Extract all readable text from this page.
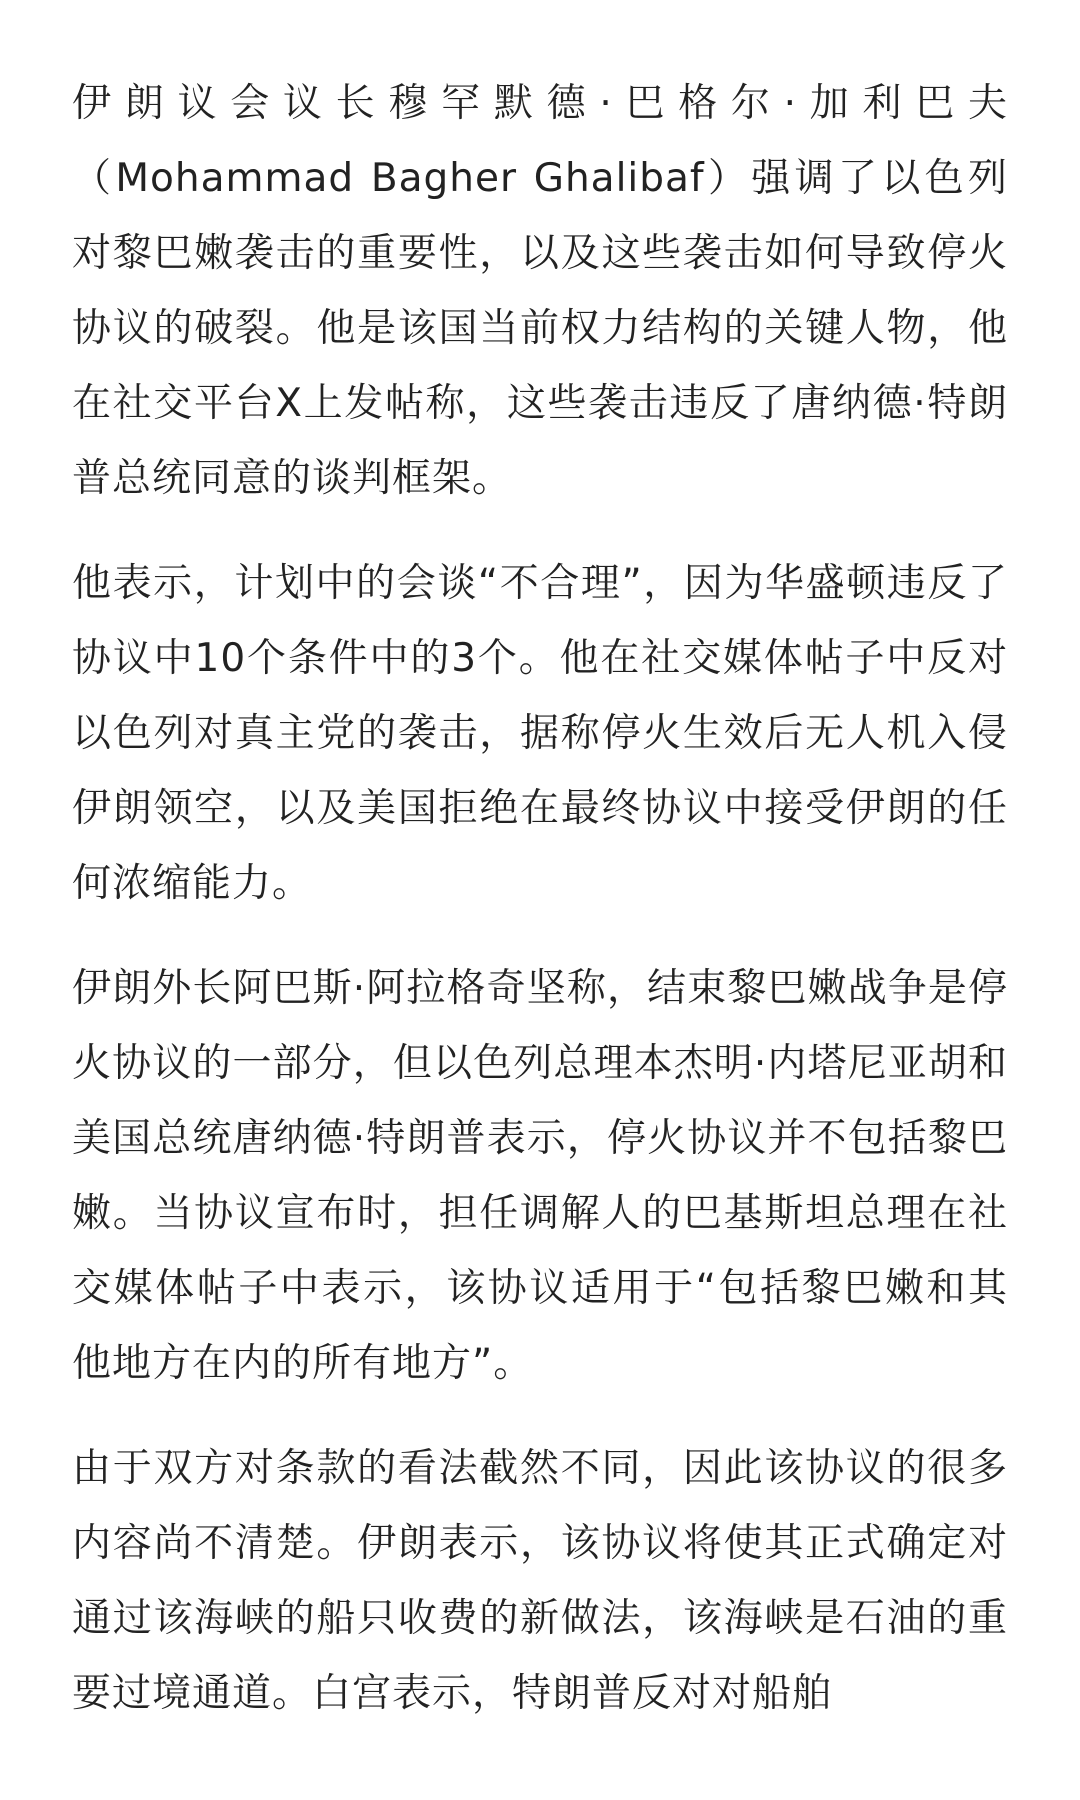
伊朗议会议长穆罕默德·巴格尔·加利巴夫（Mohammad Bagher Ghalibaf）强调了以色列对黎巴嫩袭击的重要性，以及这些袭击如何导致停火协议的破裂。他是该国当前权力结构的关键人物，他在社交平台X上发帖称，这些袭击违反了唐纳德·特朗普总统同意的谈判框架。

他表示，计划中的会谈“不合理”，因为华盛顿违反了协议中10个条件中的3个。他在社交媒体帖子中反对以色列对真主党的袭击，据称停火生效后无人机入侵伊朗领空，以及美国拒绝在最终协议中接受伊朗的任何浓缩能力。

伊朗外长阿巴斯·阿拉格奇坚称，结束黎巴嫩战争是停火协议的一部分，但以色列总理本杰明·内塔尼亚胡和美国总统唐纳德·特朗普表示，停火协议并不包括黎巴嫩。当协议宣布时，担任调解人的巴基斯坦总理在社交媒体帖子中表示，该协议适用于“包括黎巴嫩和其他地方在内的所有地方”。

由于双方对条款的看法截然不同，因此该协议的很多内容尚不清楚。伊朗表示，该协议将使其正式确定对通过该海峡的船只收费的新做法，该海峡是石油的重要过境通道。白宫表示，特朗普反对对船舶
